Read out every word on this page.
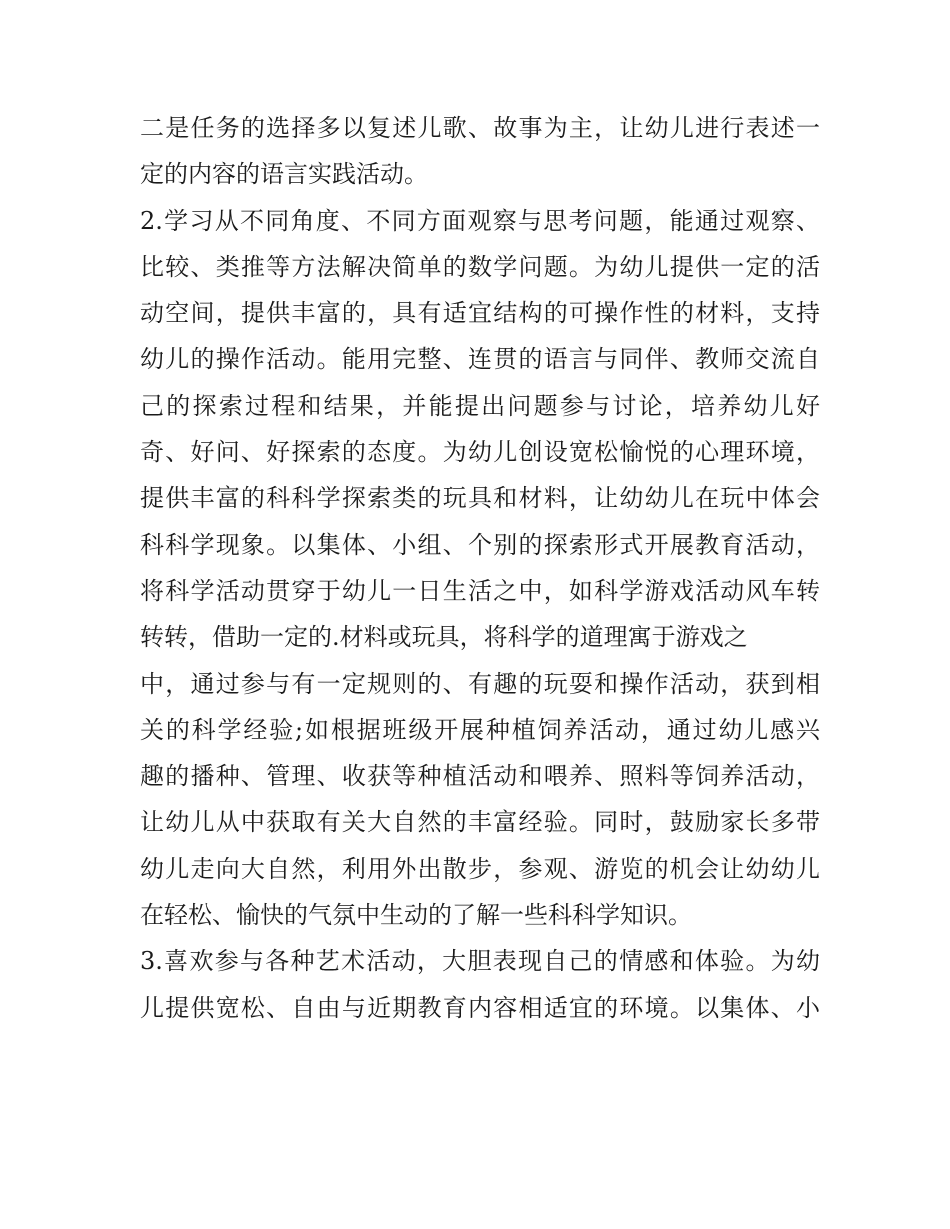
二是任务的选择多以复述儿歌、故事为主，让幼儿进行表述一
定的内容的语言实践活动。
2.学习从不同角度、不同方面观察与思考问题，能通过观察、
比较、类推等方法解决简单的数学问题。为幼儿提供一定的活
动空间，提供丰富的，具有适宜结构的可操作性的材料，支持
幼儿的操作活动。能用完整、连贯的语言与同伴、教师交流自
己的探索过程和结果，并能提出问题参与讨论，培养幼儿好
奇、好问、好探索的态度。为幼儿创设宽松愉悦的心理环境，
提供丰富的科科学探索类的玩具和材料，让幼幼儿在玩中体会
科科学现象。以集体、小组、个别的探索形式开展教育活动，
将科学活动贯穿于幼儿一日生活之中，如科学游戏活动风车转
转转，借助一定的.材料或玩具，将科学的道理寓于游戏之
中，通过参与有一定规则的、有趣的玩耍和操作活动，获到相
关的科学经验;如根据班级开展种植饲养活动，通过幼儿感兴
趣的播种、管理、收获等种植活动和喂养、照料等饲养活动，
让幼儿从中获取有关大自然的丰富经验。同时，鼓励家长多带
幼儿走向大自然，利用外出散步，参观、游览的机会让幼幼儿
在轻松、愉快的气氛中生动的了解一些科科学知识。
3.喜欢参与各种艺术活动，大胆表现自己的情感和体验。为幼
儿提供宽松、自由与近期教育内容相适宜的环境。以集体、小
